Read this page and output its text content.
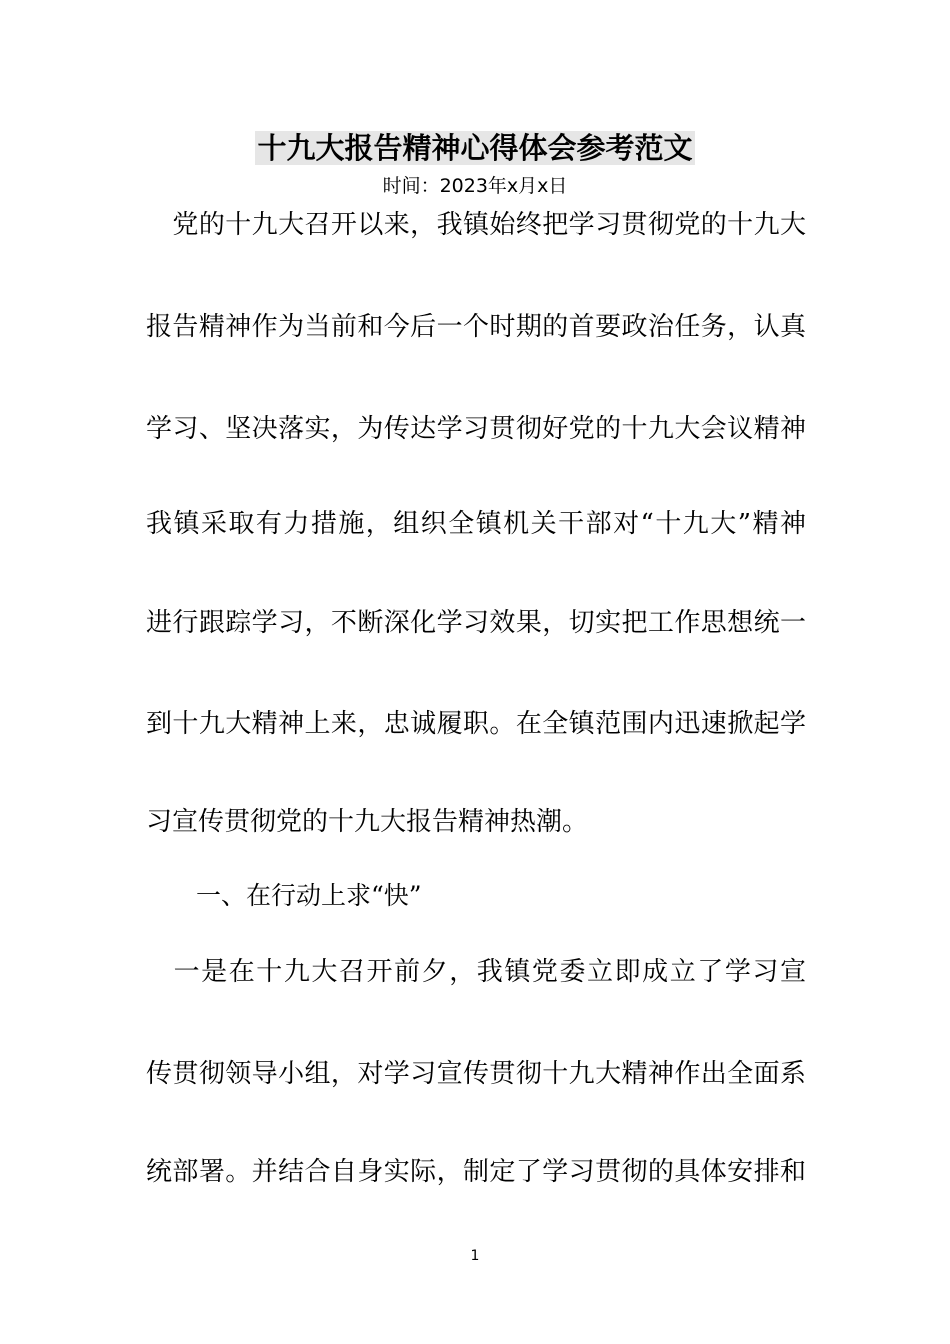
十九大报告精神心得体会参考范文
时间：2023年x月x日
　党的十九大召开以来，我镇始终把学习贯彻党的十九大
报告精神作为当前和今后一个时期的首要政治任务，认真
学习、坚决落实，为传达学习贯彻好党的十九大会议精神
我镇采取有力措施，组织全镇机关干部对“十九大”精神
进行跟踪学习，不断深化学习效果，切实把工作思想统一
到十九大精神上来，忠诚履职。在全镇范围内迅速掀起学
习宣传贯彻党的十九大报告精神热潮。
一、在行动上求“快”
　一是在十九大召开前夕，我镇党委立即成立了学习宣
传贯彻领导小组，对学习宣传贯彻十九大精神作出全面系
统部署。并结合自身实际，制定了学习贯彻的具体安排和
1
